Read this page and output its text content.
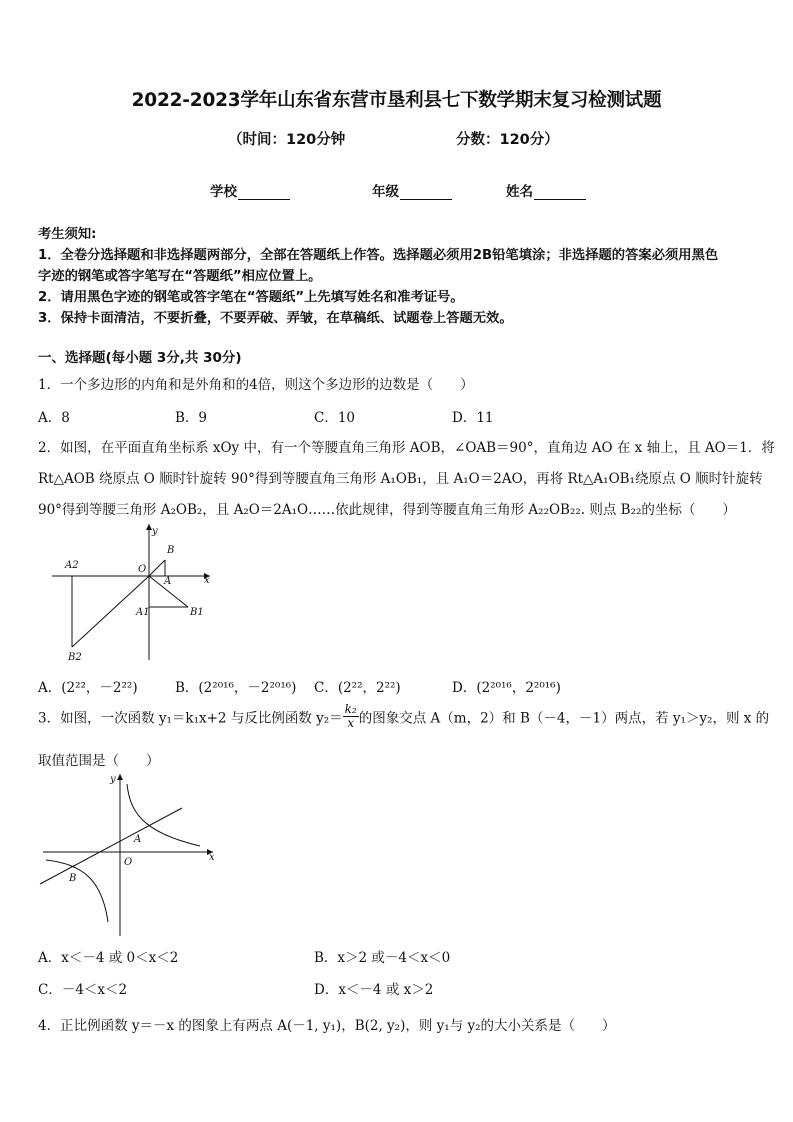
2022-2023学年山东省东营市垦利县七下数学期末复习检测试题
（时间：120分钟	分数：120分）
学校	年级	姓名
考生须知:
1．全卷分选择题和非选择题两部分，全部在答题纸上作答。选择题必须用2B铅笔填涂；非选择题的答案必须用黑色
字迹的钢笔或答字笔写在“答题纸”相应位置上。
2．请用黑色字迹的钢笔或答字笔在“答题纸”上先填写姓名和准考证号。
3．保持卡面清洁，不要折叠，不要弄破、弄皱，在草稿纸、试题卷上答题无效。
一、选择题(每小题 3分,共 30分)
1．一个多边形的内角和是外角和的4倍，则这个多边形的边数是（　　）
A．8	B．9	C．10	D．11
2．如图，在平面直角坐标系 xOy 中，有一个等腰直角三角形 AOB，∠OAB＝90°，直角边 AO 在 x 轴上，且 AO＝1．将
Rt△AOB 绕原点 O 顺时针旋转 90°得到等腰直角三角形 A₁OB₁，且 A₁O＝2AO，再将 Rt△A₁OB₁绕原点 O 顺时针旋转
90°得到等腰三角形 A₂OB₂，且 A₂O＝2A₁O……依此规律，得到等腰直角三角形 A₂₂OB₂₂. 则点 B₂₂的坐标（　　）
A2
B
O
A	x
y
A1	B1
B2
A．(2²²，－2²²)	B．(2²⁰¹⁶，－2²⁰¹⁶) C．(2²²，2²²)	D．(2²⁰¹⁶，2²⁰¹⁶)
3．如图，一次函数 y₁＝k₁x+2 与反比例函数 $y_2= \frac{\text{k₂}}{x}$ 的图象交点 A（m，2）和 B（－4，－1）两点，若 y₁＞y₂，则 x 的
取值范围是（　　）
y
A
O	x
B
A．x＜－4 或 0＜x＜2	B．x＞2 或－4＜x＜0
C．－4＜x＜2	D．x＜－4 或 x＞2
4．正比例函数 y＝－x 的图象上有两点 A(－1, y₁)，B(2, y₂)，则 y₁与 y₂的大小关系是（　　）
